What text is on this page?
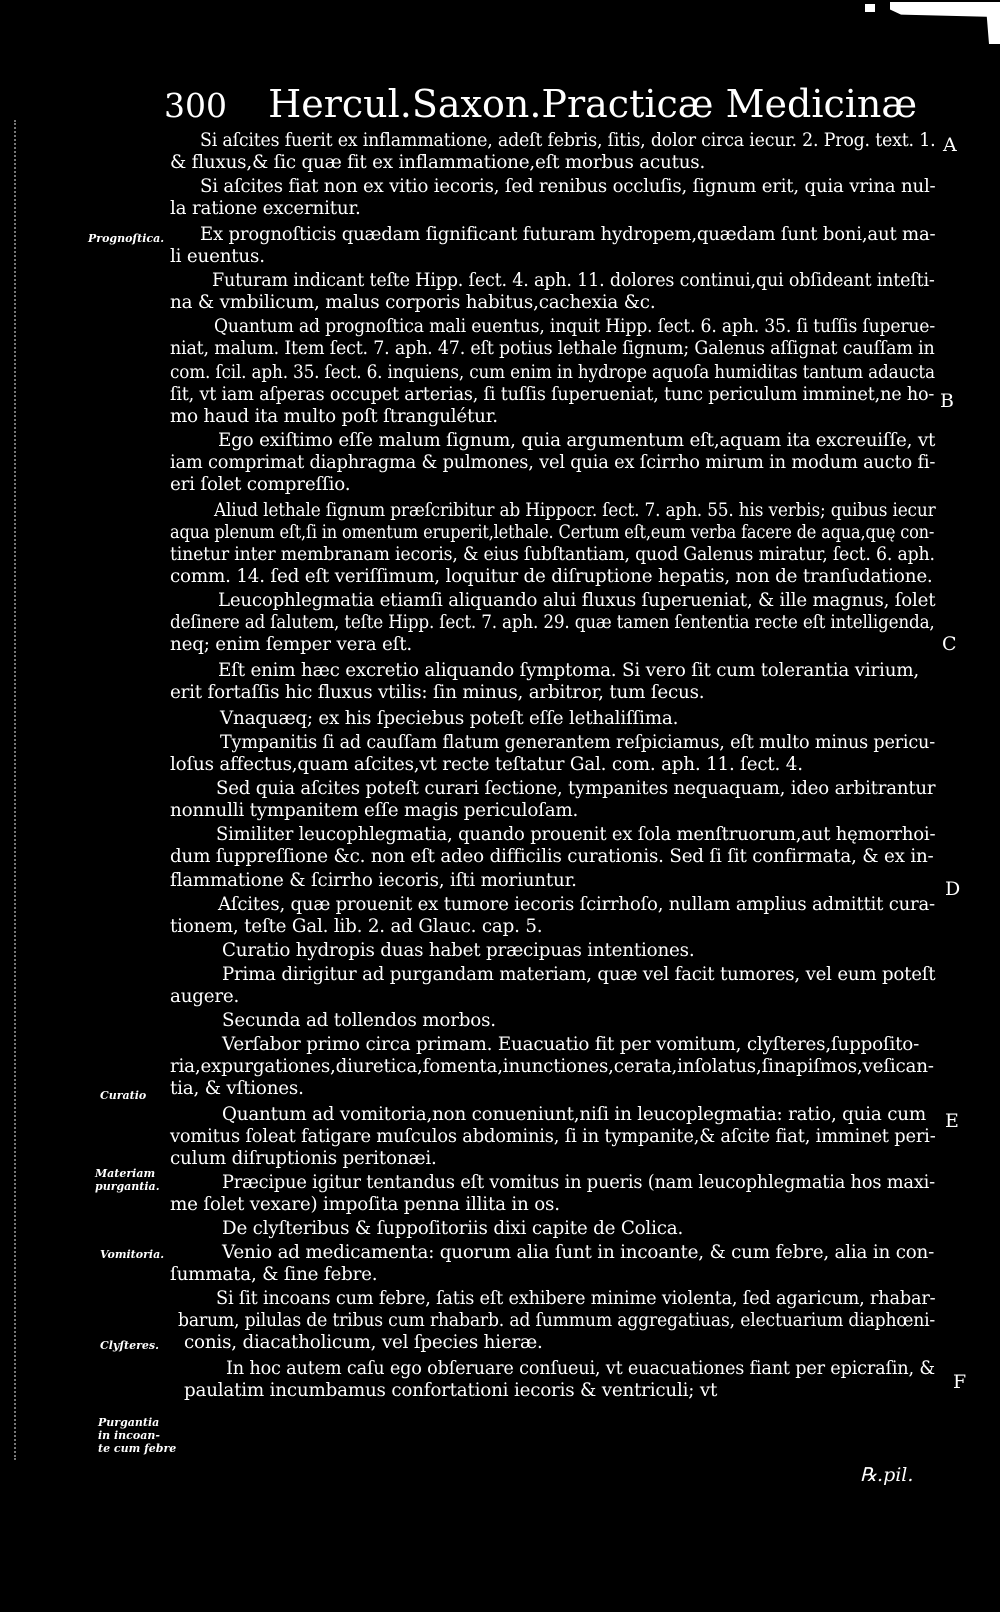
300 Hercul.Saxon.Practicæ Medicinæ
Si aſcites fuerit ex inflammatione, adeſt febris, ſitis, dolor circa iecur. 2. Prog. text. 1.
& fluxus,& ſic quæ fit ex inflammatione,eſt morbus acutus.
Si aſcites fiat non ex vitio iecoris, ſed renibus occluſis, ſignum erit, quia vrina nul-
la ratione excernitur.
Ex prognoſticis quædam ſignificant futuram hydropem,quædam ſunt boni,aut ma-
li euentus.
Futuram indicant teſte Hipp. ſect. 4. aph. 11. dolores continui,qui obſideant inteſti-
na & vmbilicum, malus corporis habitus,cachexia &c.
Quantum ad prognoſtica mali euentus, inquit Hipp. ſect. 6. aph. 35. ſi tuſſis ſuperue-
niat, malum. Item ſect. 7. aph. 47. eſt potius lethale ſignum; Galenus aſſignat cauſſam in
com. ſcil. aph. 35. ſect. 6. inquiens, cum enim in hydrope aquoſa humiditas tantum adaucta
ſit, vt iam aſperas occupet arterias, ſi tuſſis ſuperueniat, tunc periculum imminet,ne ho-
mo haud ita multo poſt ſtrangulétur.
Ego exiſtimo eſſe malum ſignum, quia argumentum eſt,aquam ita excreuiſſe, vt
iam comprimat diaphragma & pulmones, vel quia ex ſcirrho mirum in modum aucto fi-
eri ſolet compreſſio.
Aliud lethale ſignum præſcribitur ab Hippocr. ſect. 7. aph. 55. his verbis; quibus iecur
aqua plenum eſt,ſi in omentum eruperit,lethale. Certum eſt,eum verba facere de aqua,quę con-
tinetur inter membranam iecoris, & eius ſubſtantiam, quod Galenus miratur, ſect. 6. aph.
comm. 14. ſed eſt veriſſimum, loquitur de diſruptione hepatis, non de tranſudatione.
Leucophlegmatia etiamſi aliquando alui fluxus ſuperueniat, & ille magnus, ſolet
deſinere ad ſalutem, teſte Hipp. ſect. 7. aph. 29. quæ tamen ſententia recte eſt intelligenda,
neq; enim ſemper vera eſt.
Eſt enim hæc excretio aliquando ſymptoma. Si vero ſit cum tolerantia virium,
erit fortaſſis hic fluxus vtilis: ſin minus, arbitror, tum ſecus.
Vnaquæq; ex his ſpeciebus poteſt eſſe lethaliſſima.
Tympanitis ſi ad cauſſam flatum generantem reſpiciamus, eſt multo minus pericu-
loſus affectus,quam aſcites,vt recte teſtatur Gal. com. aph. 11. ſect. 4.
Sed quia aſcites poteſt curari ſectione, tympanites nequaquam, ideo arbitrantur
nonnulli tympanitem eſſe magis periculoſam.
Similiter leucophlegmatia, quando prouenit ex ſola menſtruorum,aut hęmorrhoi-
dum ſuppreſſione &c. non eſt adeo difficilis curationis. Sed ſi ſit confirmata, & ex in-
flammatione & ſcirrho iecoris, iſti moriuntur.
Aſcites, quæ prouenit ex tumore iecoris ſcirrhoſo, nullam amplius admittit cura-
tionem, teſte Gal. lib. 2. ad Glauc. cap. 5.
Curatio hydropis duas habet præcipuas intentiones.
Prima dirigitur ad purgandam materiam, quæ vel facit tumores, vel eum poteſt
augere.
Secunda ad tollendos morbos.
Verſabor primo circa primam. Euacuatio fit per vomitum, clyſteres,ſuppoſito-
ria,expurgationes,diuretica,fomenta,inunctiones,cerata,inſolatus,ſinapiſmos,veſican-
tia, & vſtiones.
Quantum ad vomitoria,non conueniunt,niſi in leucoplegmatia: ratio, quia cum
vomitus ſoleat fatigare muſculos abdominis, ſi in tympanite,& aſcite fiat, imminet peri-
culum diſruptionis peritonæi.
Præcipue igitur tentandus eſt vomitus in pueris (nam leucophlegmatia hos maxi-
me ſolet vexare) impoſita penna illita in os.
De clyſteribus & ſuppoſitoriis dixi capite de Colica.
Venio ad medicamenta: quorum alia ſunt in incoante, & cum febre, alia in con-
ſummata, & ſine febre.
Si ſit incoans cum febre, ſatis eſt exhibere minime violenta, ſed agaricum, rhabar-
barum, pilulas de tribus cum rhabarb. ad ſummum aggregatiuas, electuarium diaphœni-
conis, diacatholicum, vel ſpecies hieræ.
In hoc autem caſu ego obſeruare conſueui, vt euacuationes fiant per epicraſin, &
paulatim incumbamus confortationi iecoris & ventriculi; vt
Prognoſtica.
Curatio
Materiam
purgantia.
Vomitoria.
Clyſteres.
Purgantia
in incoan-
te cum febre
A
B
C
D
E
F
℞.pil.
